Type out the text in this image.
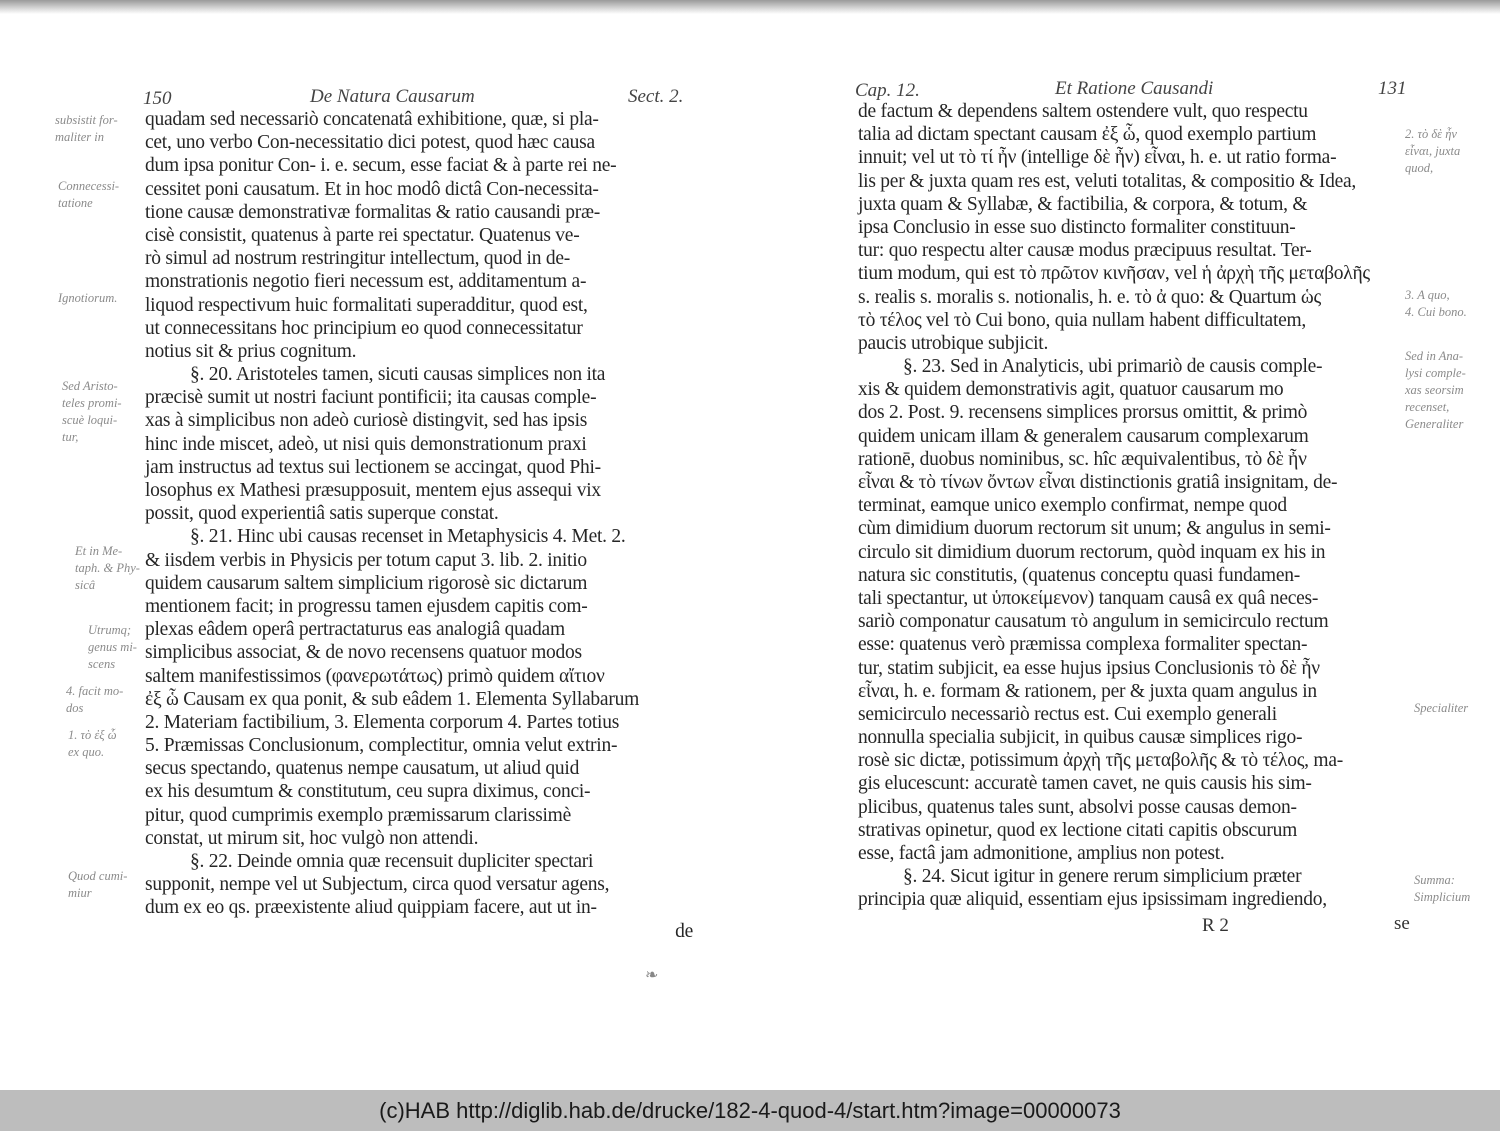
150	De Natura Causarum	Sect. 2.
quadam sed necessariò concatenatâ exhibitione, quæ, si pla-
cet, uno verbo Con-necessitatio dici potest, quod hæc causa
dum ipsa ponitur Con- i. e. secum, esse faciat & à parte rei ne-
cessitet poni causatum. Et in hoc modô dictâ Con-necessita-
tione causæ demonstrativæ formalitas & ratio causandi præ-
cisè consistit, quatenus à parte rei spectatur. Quatenus ve-
rò simul ad nostrum restringitur intellectum, quod in de-
monstrationis negotio fieri necessum est, additamentum a-
liquod respectivum huic formalitati superadditur, quod est,
ut connecessitans hoc principium eo quod connecessitatur
notius sit & prius cognitum.
§. 20. Aristoteles tamen, sicuti causas simplices non ita
præcisè sumit ut nostri faciunt pontificii; ita causas comple-
xas à simplicibus non adeò curiosè distingvit, sed has ipsis
hinc inde miscet, adeò, ut nisi quis demonstrationum praxi
jam instructus ad textus sui lectionem se accingat, quod Phi-
losophus ex Mathesi præsupposuit, mentem ejus assequi vix
possit, quod experientiâ satis superque constat.
§. 21. Hinc ubi causas recenset in Metaphysicis 4. Met. 2.
& iisdem verbis in Physicis per totum caput 3. lib. 2. initio
quidem causarum saltem simplicium rigorosè sic dictarum
mentionem facit; in progressu tamen ejusdem capitis com-
plexas eâdem operâ pertractaturus eas analogiâ quadam
simplicibus associat, & de novo recensens quatuor modos
saltem manifestissimos (φανερωτάτως) primò quidem αἴτιον
ἐξ ὧ Causam ex qua ponit, & sub eâdem 1. Elementa Syllabarum
2. Materiam factibilium, 3. Elementa corporum 4. Partes totius
5. Præmissas Conclusionum, complectitur, omnia velut extrin-
secus spectando, quatenus nempe causatum, ut aliud quid
ex his desumtum & constitutum, ceu supra diximus, conci-
pitur, quod cumprimis exemplo præmissarum clarissimè
constat, ut mirum sit, hoc vulgò non attendi.
§. 22. Deinde omnia quæ recensuit dupliciter spectari
supponit, nempe vel ut Subjectum, circa quod versatur agens,
dum ex eo qs. præexistente aliud quippiam facere, aut ut in-
de
subsistit for-
maliter in
Connecessi-
tatione
Ignotiorum.
Sed Aristo-
teles promi-
scuè loqui-
tur,
Et in Me-
taph. & Phy-
sicâ
Utrumq;
genus mi-
scens
4. facit mo-
dos
1. τὸ ἐξ ὧ
ex quo.
Quod cumi-
miur
❧
Cap. 12.	Et Ratione Causandi	131
de factum & dependens saltem ostendere vult, quo respectu
talia ad dictam spectant causam ἐξ ὧ, quod exemplo partium
innuit; vel ut τὸ τί ἦν (intellige δὲ ἦν) εἶναι, h. e. ut ratio forma-
lis per & juxta quam res est, veluti totalitas, & compositio & Idea,
juxta quam & Syllabæ, & factibilia, & corpora, & totum, &
ipsa Conclusio in esse suo distincto formaliter constituun-
tur: quo respectu alter causæ modus præcipuus resultat. Ter-
tium modum, qui est τὸ πρῶτον κινῆσαν, vel ἡ ἀρχὴ τῆς μεταβολῆς
s. realis s. moralis s. notionalis, h. e. τὸ ἀ quo: & Quartum ὡς
τὸ τέλος vel τὸ Cui bono, quia nullam habent difficultatem,
paucis utrobique subjicit.
§. 23. Sed in Analyticis, ubi primariò de causis comple-
xis & quidem demonstrativis agit, quatuor causarum mo
dos 2. Post. 9. recensens simplices prorsus omittit, & primò
quidem unicam illam & generalem causarum complexarum
rationē, duobus nominibus, sc. hîc æquivalentibus, τὸ δὲ ἦν
εἶναι & τὸ τίνων ὄντων εἶναι distinctionis gratiâ insignitam, de-
terminat, eamque unico exemplo confirmat, nempe quod
cùm dimidium duorum rectorum sit unum; & angulus in semi-
circulo sit dimidium duorum rectorum, quòd inquam ex his in
natura sic constitutis, (quatenus conceptu quasi fundamen-
tali spectantur, ut ὑποκείμενον) tanquam causâ ex quâ neces-
sariò componatur causatum τὸ angulum in semicirculo rectum
esse: quatenus verò præmissa complexa formaliter spectan-
tur, statim subjicit, ea esse hujus ipsius Conclusionis τὸ δὲ ἦν
εἶναι, h. e. formam & rationem, per & juxta quam angulus in
semicirculo necessariò rectus est. Cui exemplo generali
nonnulla specialia subjicit, in quibus causæ simplices rigo-
rosè sic dictæ, potissimum ἀρχὴ τῆς μεταβολῆς & τὸ τέλος, ma-
gis elucescunt: accuratè tamen cavet, ne quis causis his sim-
plicibus, quatenus tales sunt, absolvi posse causas demon-
strativas opinetur, quod ex lectione citati capitis obscurum
esse, factâ jam admonitione, amplius non potest.
§. 24. Sicut igitur in genere rerum simplicium præter
principia quæ aliquid, essentiam ejus ipsissimam ingrediendo,
2. τὸ δὲ ἦν
εἶναι, juxta
quod,
3. A quo,
4. Cui bono.
Sed in Ana-
lysi comple-
xas seorsim
recenset,
Generaliter
Specialiter
Summa:
Simplicium
R 2	se
(c)HAB http://diglib.hab.de/drucke/182-4-quod-4/start.htm?image=00000073
